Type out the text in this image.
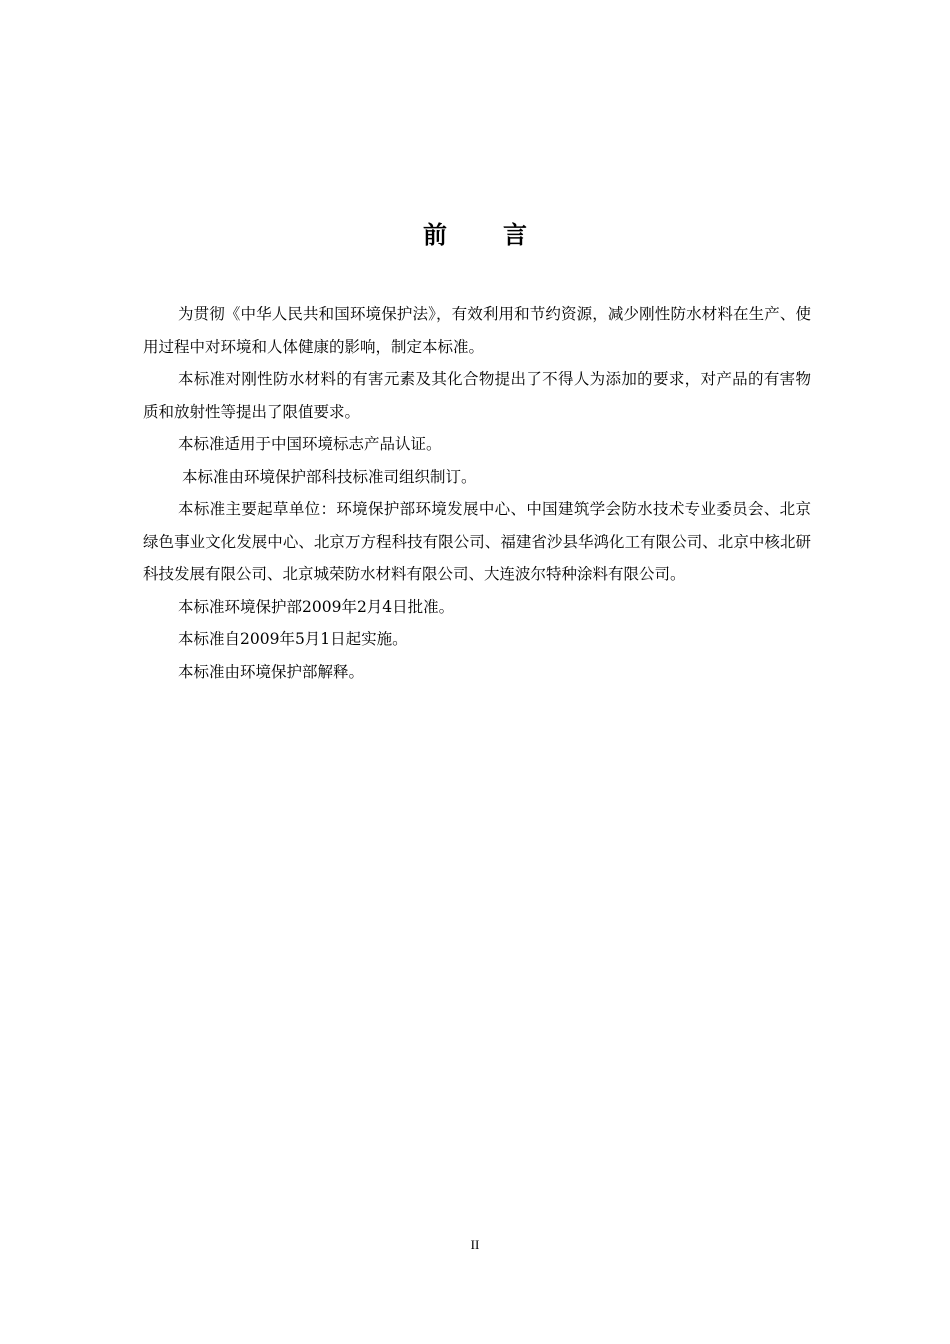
前言

为贯彻《中华人民共和国环境保护法》，有效利用和节约资源，减少刚性防水材料在生产、使用过程中对环境和人体健康的影响，制定本标准。

本标准对刚性防水材料的有害元素及其化合物提出了不得人为添加的要求，对产品的有害物质和放射性等提出了限值要求。

本标准适用于中国环境标志产品认证。

本标准由环境保护部科技标准司组织制订。

本标准主要起草单位：环境保护部环境发展中心、中国建筑学会防水技术专业委员会、北京绿色事业文化发展中心、北京万方程科技有限公司、福建省沙县华鸿化工有限公司、北京中核北研科技发展有限公司、北京城荣防水材料有限公司、大连波尔特种涂料有限公司。

本标准环境保护部2009年2月4日批准。

本标准自2009年5月1日起实施。

本标准由环境保护部解释。

II
